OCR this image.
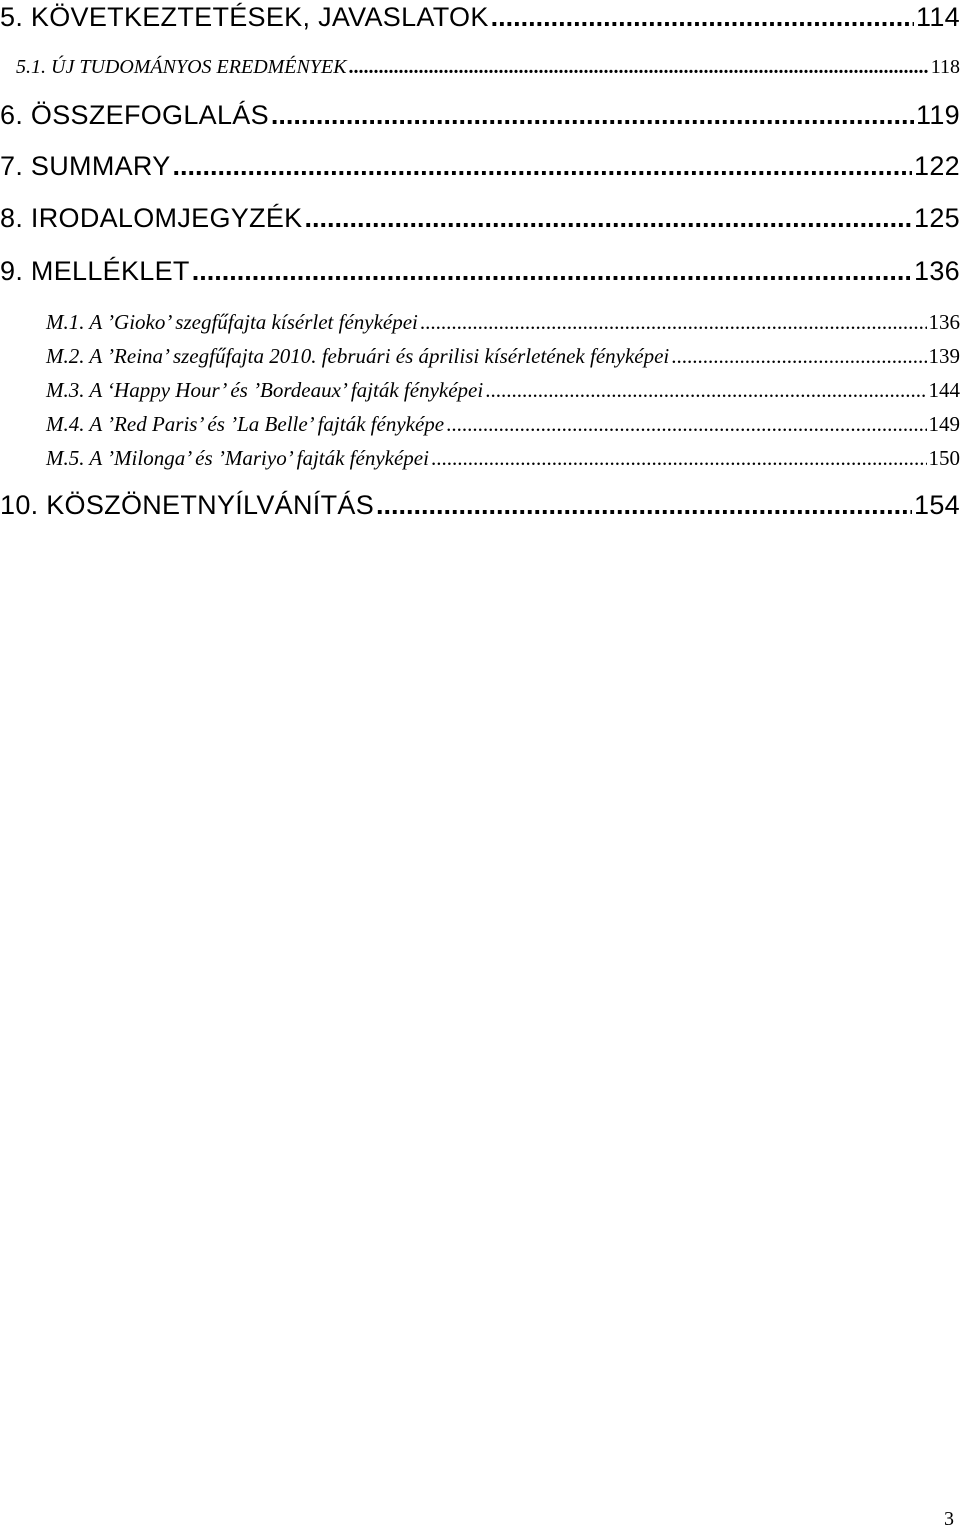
5. KÖVETKEZTETÉSEK, JAVASLATOK .....	114
5.1. ÚJ TUDOMÁNYOS EREDMÉNYEK .....	118
6. ÖSSZEFOGLALÁS .....	119
7. SUMMARY .....	122
8. IRODALOMJEGYZÉK .....	125
9. MELLÉKLET .....	136
M.1. A ’Gioko’ szegfűfajta kísérlet fényképei .....	136
M.2. A ’Reina’ szegfűfajta 2010. februári és áprilisi kísérletének fényképei .....	139
M.3. A ‘Happy Hour’ és ’Bordeaux’ fajták fényképei .....	144
M.4. A ’Red Paris’ és ’La Belle’ fajták fényképe .....	149
M.5. A ’Milonga’ és ’Mariyo’ fajták fényképei .....	150
10. KÖSZÖNETNYÍLVÁNÍTÁS .....	154
3
